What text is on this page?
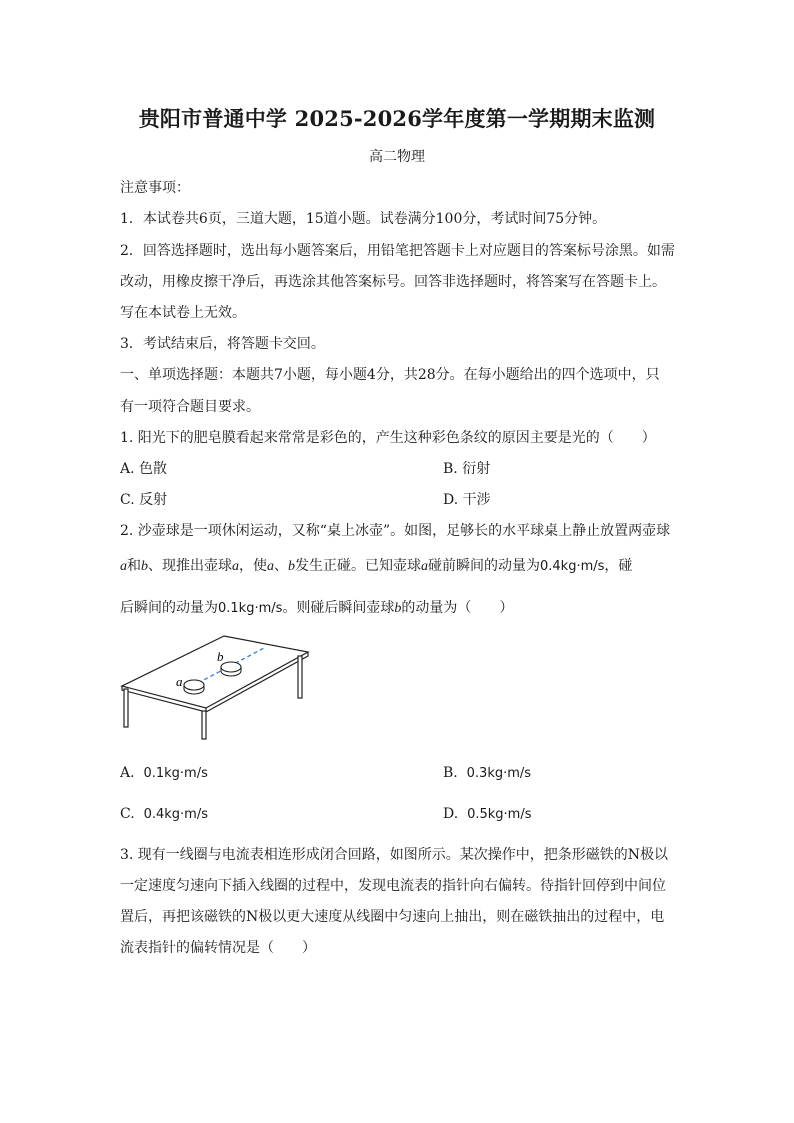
贵阳市普通中学 2025-2026学年度第一学期期末监测
高二物理
注意事项：
1．本试卷共6页，三道大题，15道小题。试卷满分100分，考试时间75分钟。
2．回答选择题时，选出每小题答案后，用铅笔把答题卡上对应题目的答案标号涂黑。如需
改动，用橡皮擦干净后，再选涂其他答案标号。回答非选择题时，将答案写在答题卡上。
写在本试卷上无效。
3．考试结束后，将答题卡交回。
一、单项选择题：本题共7小题，每小题4分，共28分。在每小题给出的四个选项中，只
有一项符合题目要求。
1. 阳光下的肥皂膜看起来常常是彩色的，产生这种彩色条纹的原因主要是光的（　　）
A. 色散	B. 衍射
C. 反射	D. 干涉
2. 沙壶球是一项休闲运动，又称“桌上冰壶”。如图，足够长的水平球桌上静止放置两壶球
a和b、现推出壶球a，使a、b发生正碰。已知壶球a碰前瞬间的动量为0.4kg·m/s，碰
后瞬间的动量为0.1kg·m/s。则碰后瞬间壶球b的动量为（　　）
a
b
A. 0.1kg·m/s	B. 0.3kg·m/s
C. 0.4kg·m/s	D. 0.5kg·m/s
3. 现有一线圈与电流表相连形成闭合回路，如图所示。某次操作中，把条形磁铁的N极以
一定速度匀速向下插入线圈的过程中，发现电流表的指针向右偏转。待指针回停到中间位
置后，再把该磁铁的N极以更大速度从线圈中匀速向上抽出，则在磁铁抽出的过程中，电
流表指针的偏转情况是（　　）
